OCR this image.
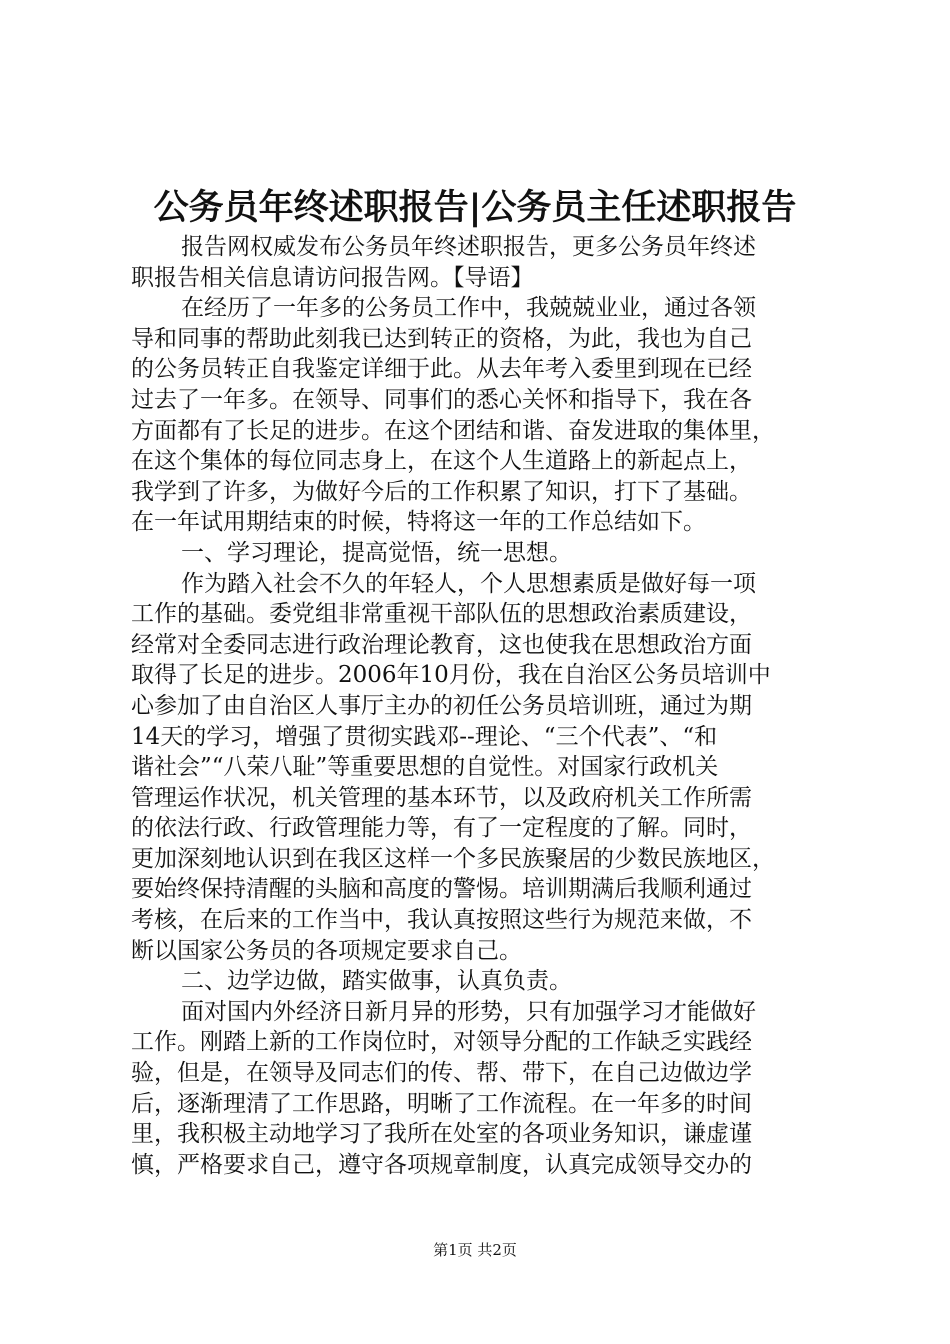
公务员年终述职报告|公务员主任述职报告
报告网权威发布公务员年终述职报告，更多公务员年终述
职报告相关信息请访问报告网。【导语】
在经历了一年多的公务员工作中，我兢兢业业，通过各领
导和同事的帮助此刻我已达到转正的资格，为此，我也为自己
的公务员转正自我鉴定详细于此。从去年考入委里到现在已经
过去了一年多。在领导、同事们的悉心关怀和指导下，我在各
方面都有了长足的进步。在这个团结和谐、奋发进取的集体里，
在这个集体的每位同志身上，在这个人生道路上的新起点上，
我学到了许多，为做好今后的工作积累了知识，打下了基础。
在一年试用期结束的时候，特将这一年的工作总结如下。
一、学习理论，提高觉悟，统一思想。
作为踏入社会不久的年轻人，个人思想素质是做好每一项
工作的基础。委党组非常重视干部队伍的思想政治素质建设，
经常对全委同志进行政治理论教育，这也使我在思想政治方面
取得了长足的进步。2006年10月份，我在自治区公务员培训中
心参加了由自治区人事厅主办的初任公务员培训班，通过为期
14天的学习，增强了贯彻实践邓--理论、“三个代表”、“和
谐社会”“八荣八耻”等重要思想的自觉性。对国家行政机关
管理运作状况，机关管理的基本环节，以及政府机关工作所需
的依法行政、行政管理能力等，有了一定程度的了解。同时，
更加深刻地认识到在我区这样一个多民族聚居的少数民族地区，
要始终保持清醒的头脑和高度的警惕。培训期满后我顺利通过
考核，在后来的工作当中，我认真按照这些行为规范来做，不
断以国家公务员的各项规定要求自己。
二、边学边做，踏实做事，认真负责。
面对国内外经济日新月异的形势，只有加强学习才能做好
工作。刚踏上新的工作岗位时，对领导分配的工作缺乏实践经
验，但是，在领导及同志们的传、帮、带下，在自己边做边学
后，逐渐理清了工作思路，明晰了工作流程。在一年多的时间
里，我积极主动地学习了我所在处室的各项业务知识，谦虚谨
慎，严格要求自己，遵守各项规章制度，认真完成领导交办的
第1页 共2页
